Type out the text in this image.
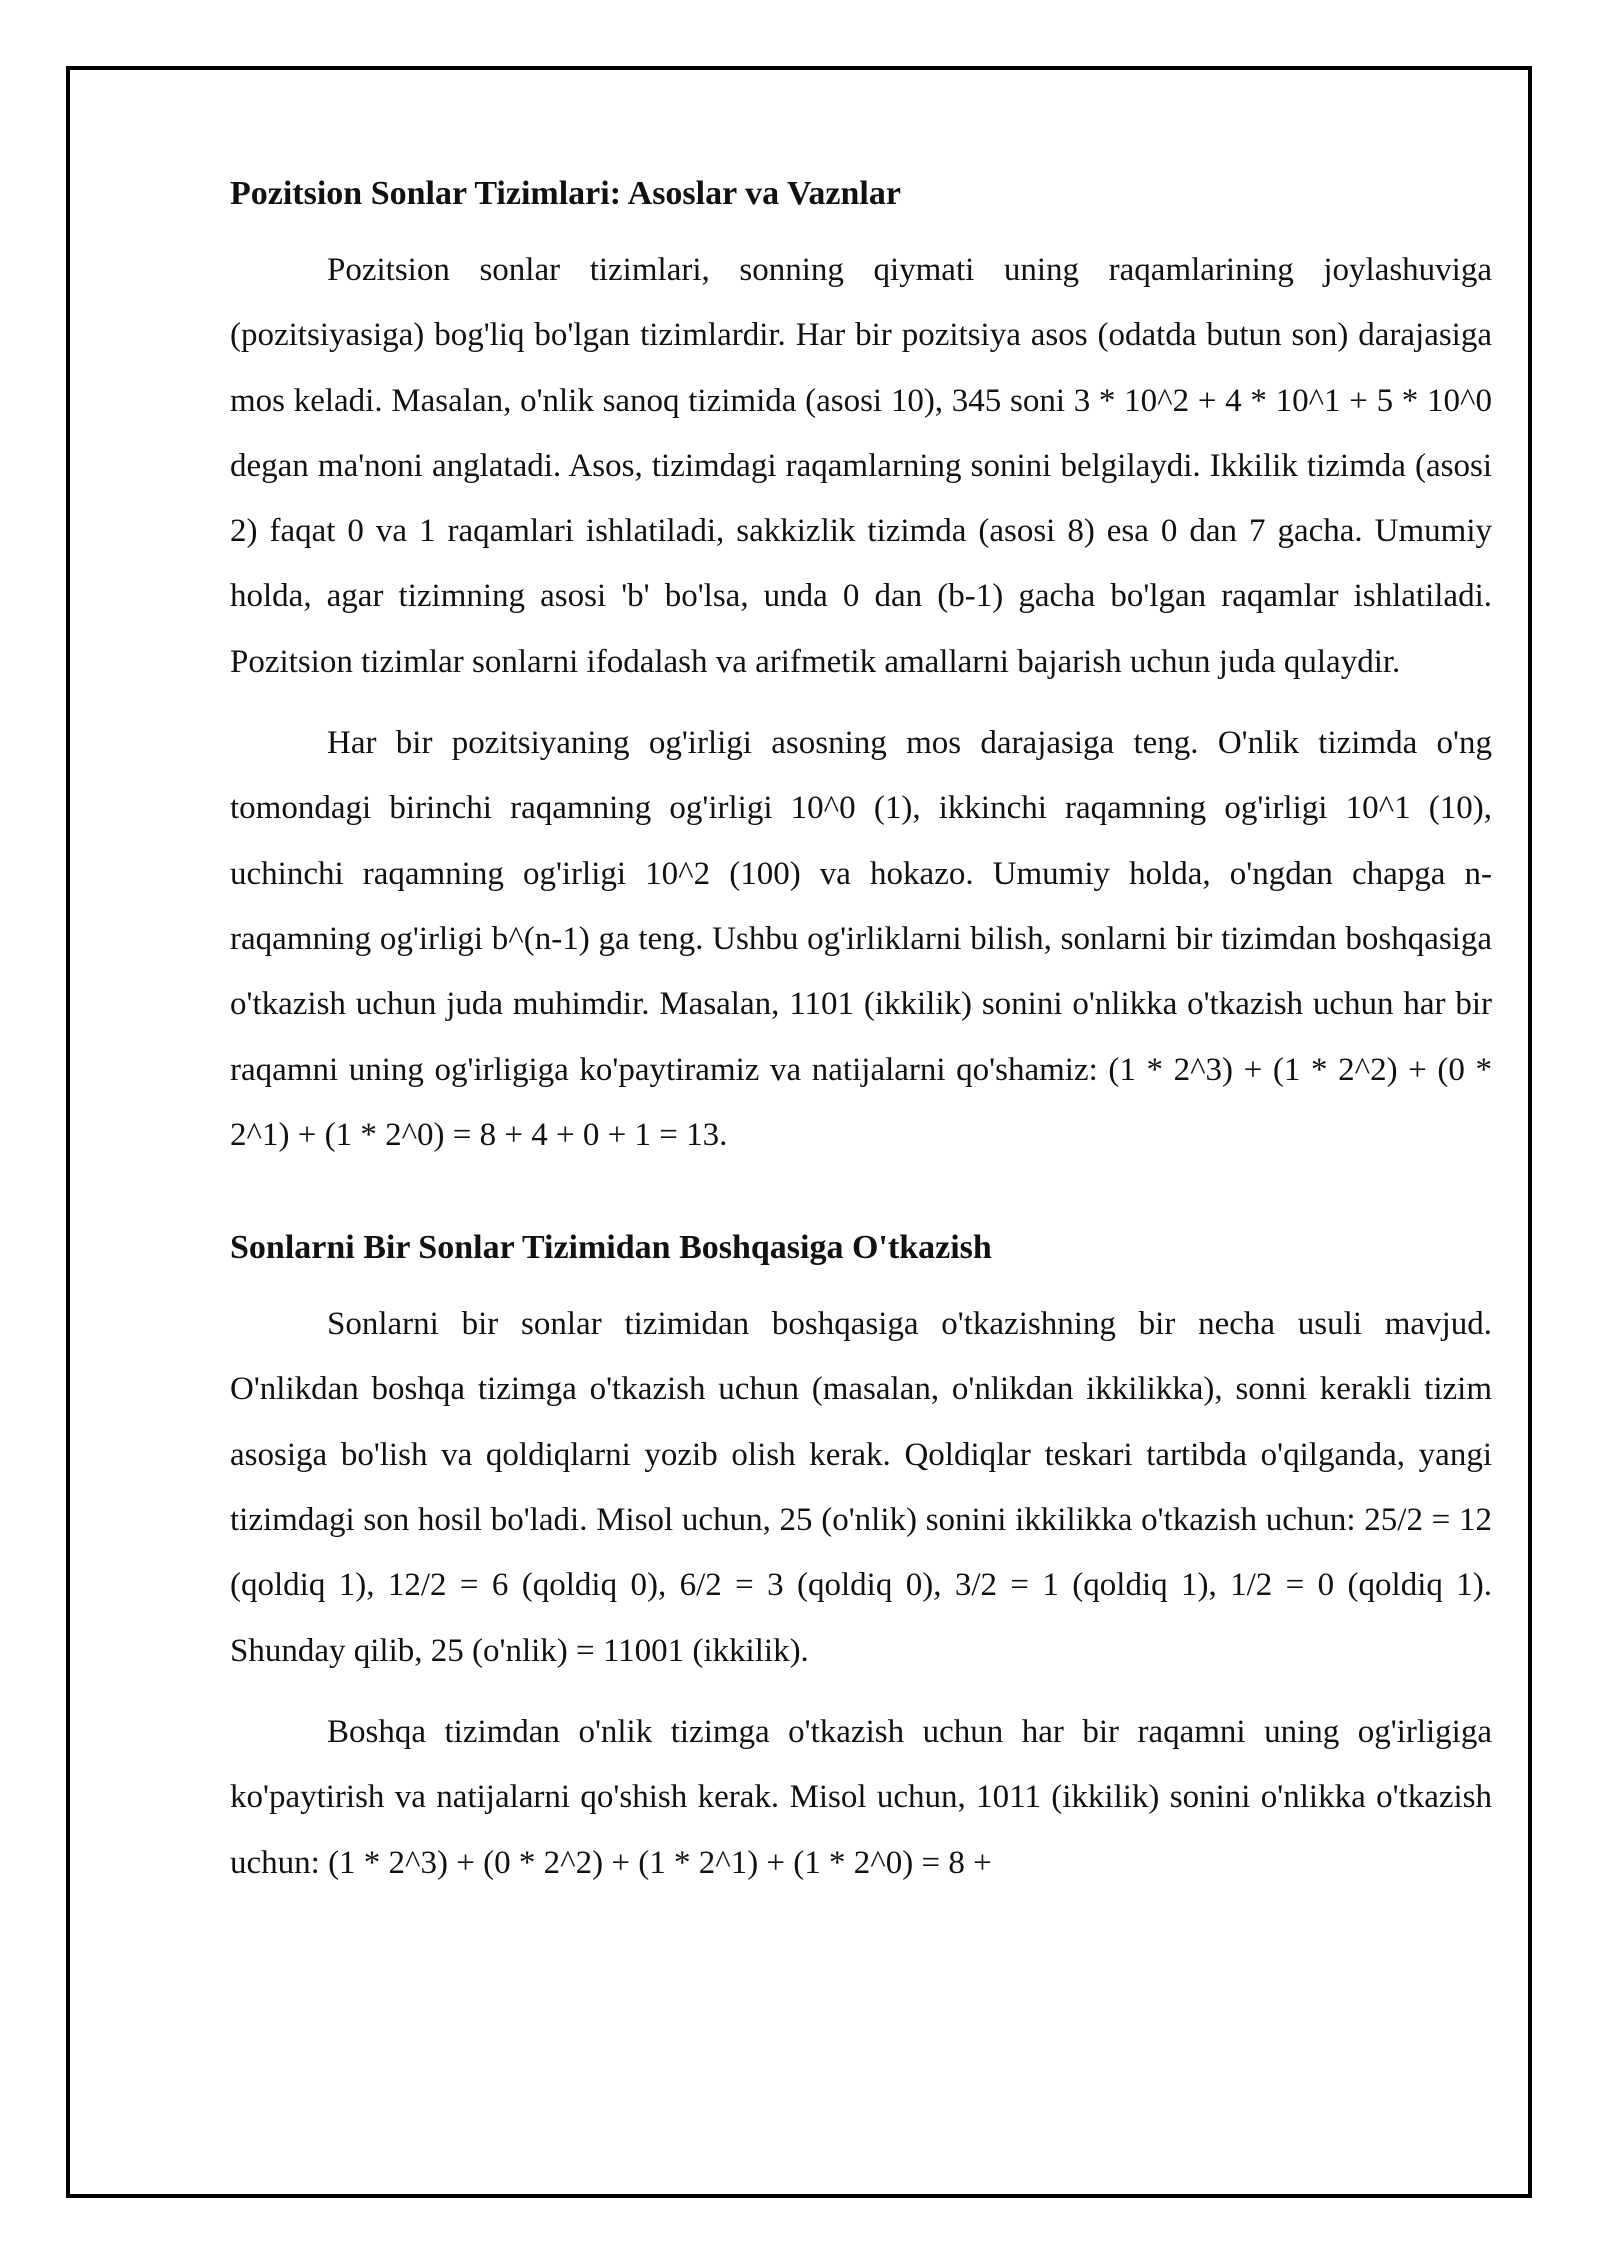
Pozitsion Sonlar Tizimlari: Asoslar va Vaznlar

Pozitsion sonlar tizimlari, sonning qiymati uning raqamlarining joylashuviga (pozitsiyasiga) bog'liq bo'lgan tizimlardir. Har bir pozitsiya asos (odatda butun son) darajasiga mos keladi. Masalan, o'nlik sanoq tizimida (asosi 10), 345 soni 3 * 10^2 + 4 * 10^1 + 5 * 10^0 degan ma'noni anglatadi. Asos, tizimdagi raqamlarning sonini belgilaydi. Ikkilik tizimda (asosi 2) faqat 0 va 1 raqamlari ishlatiladi, sakkizlik tizimda (asosi 8) esa 0 dan 7 gacha. Umumiy holda, agar tizimning asosi 'b' bo'lsa, unda 0 dan (b-1) gacha bo'lgan raqamlar ishlatiladi. Pozitsion tizimlar sonlarni ifodalash va arifmetik amallarni bajarish uchun juda qulaydir.

Har bir pozitsiyaning og'irligi asosning mos darajasiga teng. O'nlik tizimda o'ng tomondagi birinchi raqamning og'irligi 10^0 (1), ikkinchi raqamning og'irligi 10^1 (10), uchinchi raqamning og'irligi 10^2 (100) va hokazo. Umumiy holda, o'ngdan chapga n-raqamning og'irligi b^(n-1) ga teng. Ushbu og'irliklarni bilish, sonlarni bir tizimdan boshqasiga o'tkazish uchun juda muhimdir. Masalan, 1101 (ikkilik) sonini o'nlikka o'tkazish uchun har bir raqamni uning og'irligiga ko'paytiramiz va natijalarni qo'shamiz: (1 * 2^3) + (1 * 2^2) + (0 * 2^1) + (1 * 2^0) = 8 + 4 + 0 + 1 = 13.

Sonlarni Bir Sonlar Tizimidan Boshqasiga O'tkazish

Sonlarni bir sonlar tizimidan boshqasiga o'tkazishning bir necha usuli mavjud. O'nlikdan boshqa tizimga o'tkazish uchun (masalan, o'nlikdan ikkilikka), sonni kerakli tizim asosiga bo'lish va qoldiqlarni yozib olish kerak. Qoldiqlar teskari tartibda o'qilganda, yangi tizimdagi son hosil bo'ladi. Misol uchun, 25 (o'nlik) sonini ikkilikka o'tkazish uchun: 25/2 = 12 (qoldiq 1), 12/2 = 6 (qoldiq 0), 6/2 = 3 (qoldiq 0), 3/2 = 1 (qoldiq 1), 1/2 = 0 (qoldiq 1). Shunday qilib, 25 (o'nlik) = 11001 (ikkilik).

Boshqa tizimdan o'nlik tizimga o'tkazish uchun har bir raqamni uning og'irligiga ko'paytirish va natijalarni qo'shish kerak. Misol uchun, 1011 (ikkilik) sonini o'nlikka o'tkazish uchun: (1 * 2^3) + (0 * 2^2) + (1 * 2^1) + (1 * 2^0) = 8 +
